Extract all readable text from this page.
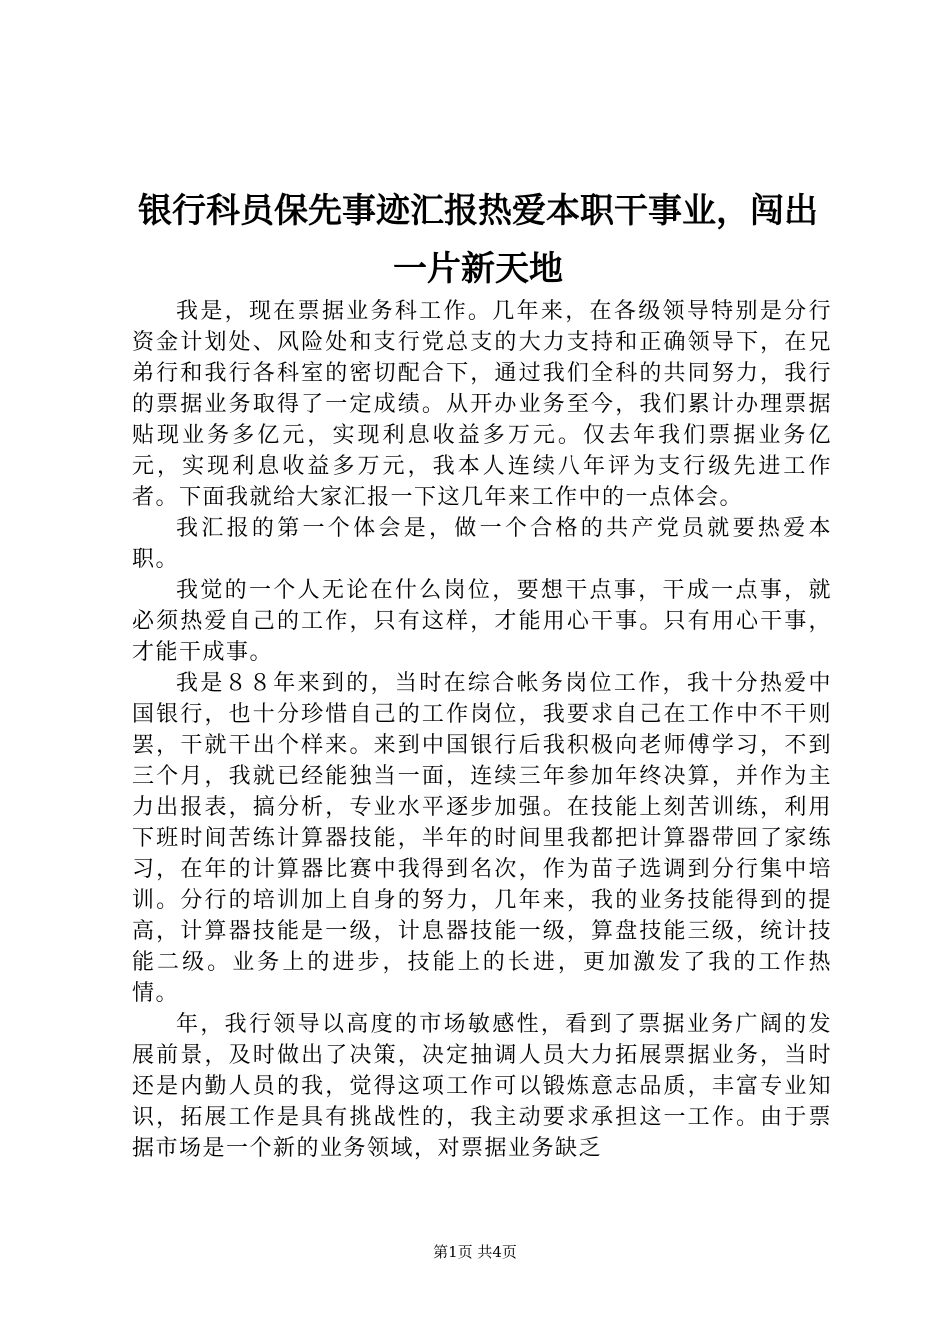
银行科员保先事迹汇报热爱本职干事业，闯出一片新天地

我是，现在票据业务科工作。几年来，在各级领导特别是分行资金计划处、风险处和支行党总支的大力支持和正确领导下，在兄弟行和我行各科室的密切配合下，通过我们全科的共同努力，我行的票据业务取得了一定成绩。从开办业务至今，我们累计办理票据贴现业务多亿元，实现利息收益多万元。仅去年我们票据业务亿元，实现利息收益多万元，我本人连续八年评为支行级先进工作者。下面我就给大家汇报一下这几年来工作中的一点体会。

我汇报的第一个体会是，做一个合格的共产党员就要热爱本职。

我觉的一个人无论在什么岗位，要想干点事，干成一点事，就必须热爱自己的工作，只有这样，才能用心干事。只有用心干事，才能干成事。

我是８８年来到的，当时在综合帐务岗位工作，我十分热爱中国银行，也十分珍惜自己的工作岗位，我要求自己在工作中不干则罢，干就干出个样来。来到中国银行后我积极向老师傅学习，不到三个月，我就已经能独当一面，连续三年参加年终决算，并作为主力出报表，搞分析，专业水平逐步加强。在技能上刻苦训练，利用下班时间苦练计算器技能，半年的时间里我都把计算器带回了家练习，在年的计算器比赛中我得到名次，作为苗子选调到分行集中培训。分行的培训加上自身的努力，几年来，我的业务技能得到的提高，计算器技能是一级，计息器技能一级，算盘技能三级，统计技能二级。业务上的进步，技能上的长进，更加激发了我的工作热情。

年，我行领导以高度的市场敏感性，看到了票据业务广阔的发展前景，及时做出了决策，决定抽调人员大力拓展票据业务，当时还是内勤人员的我，觉得这项工作可以锻炼意志品质，丰富专业知识，拓展工作是具有挑战性的，我主动要求承担这一工作。由于票据市场是一个新的业务领域，对票据业务缺乏

第1页 共4页
